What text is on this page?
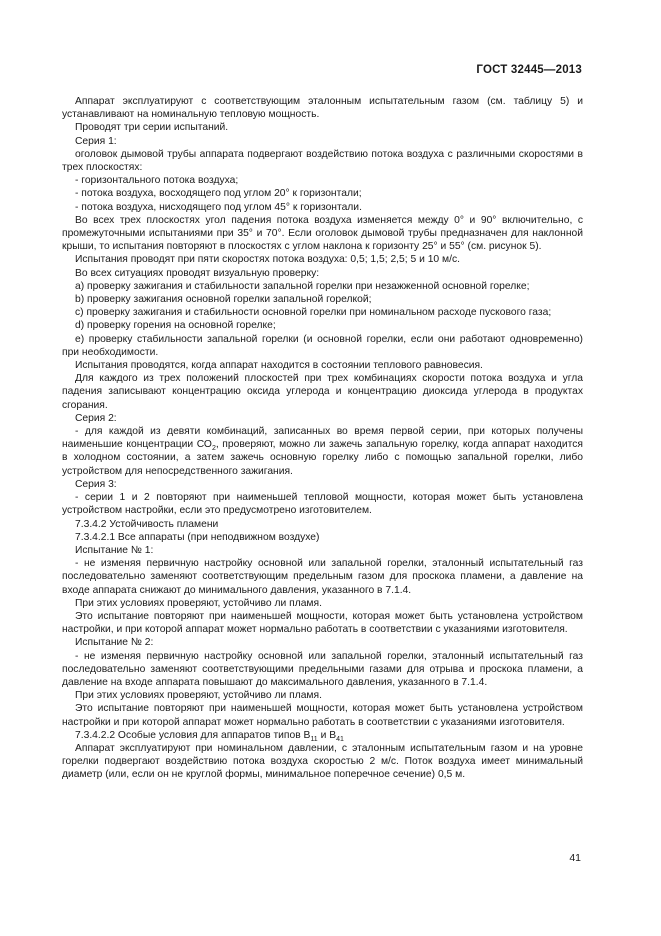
ГОСТ 32445—2013

Аппарат эксплуатируют с соответствующим эталонным испытательным газом (см. таблицу 5) и устанавливают на номинальную тепловую мощность.

Проводят три серии испытаний.

Серия 1:

оголовок дымовой трубы аппарата подвергают воздействию потока воздуха с различными скоростями в трех плоскостях:

- горизонтального потока воздуха;

- потока воздуха, восходящего под углом 20° к горизонтали;

- потока воздуха, нисходящего под углом 45° к горизонтали.

Во всех трех плоскостях угол падения потока воздуха изменяется между 0° и 90° включительно, с промежуточными испытаниями при 35° и 70°. Если оголовок дымовой трубы предназначен для наклонной крыши, то испытания повторяют в плоскостях с углом наклона к горизонту 25° и 55° (см. рисунок 5).

Испытания проводят при пяти скоростях потока воздуха: 0,5; 1,5; 2,5; 5 и 10 м/с.

Во всех ситуациях проводят визуальную проверку:

a) проверку зажигания и стабильности запальной горелки при незажженной основной горелке;

b) проверку зажигания основной горелки запальной горелкой;

c) проверку зажигания и стабильности основной горелки при номинальном расходе пускового газа;

d) проверку горения на основной горелке;

e) проверку стабильности запальной горелки (и основной горелки, если они работают одновременно) при необходимости.

Испытания проводятся, когда аппарат находится в состоянии теплового равновесия.

Для каждого из трех положений плоскостей при трех комбинациях скорости потока воздуха и угла падения записывают концентрацию оксида углерода и концентрацию диоксида углерода в продуктах сгорания.

Серия 2:

- для каждой из девяти комбинаций, записанных во время первой серии, при которых получены наименьшие концентрации $СО_2$, проверяют, можно ли зажечь запальную горелку, когда аппарат находится в холодном состоянии, а затем зажечь основную горелку либо с помощью запальной горелки, либо устройством для непосредственного зажигания.

Серия 3:

- серии 1 и 2 повторяют при наименьшей тепловой мощности, которая может быть установлена устройством настройки, если это предусмотрено изготовителем.

7.3.4.2 Устойчивость пламени

7.3.4.2.1 Все аппараты (при неподвижном воздухе)

Испытание № 1:

- не изменяя первичную настройку основной или запальной горелки, эталонный испытательный газ последовательно заменяют соответствующим предельным газом для проскока пламени, а давление на входе аппарата снижают до минимального давления, указанного в 7.1.4.

При этих условиях проверяют, устойчиво ли пламя.

Это испытание повторяют при наименьшей мощности, которая может быть установлена устройством настройки, и при которой аппарат может нормально работать в соответствии с указаниями изготовителя.

Испытание № 2:

- не изменяя первичную настройку основной или запальной горелки, эталонный испытательный газ последовательно заменяют соответствующими предельными газами для отрыва и проскока пламени, а давление на входе аппарата повышают до максимального давления, указанного в 7.1.4.

При этих условиях проверяют, устойчиво ли пламя.

Это испытание повторяют при наименьшей мощности, которая может быть установлена устройством настройки и при которой аппарат может нормально работать в соответствии с указаниями изготовителя.

7.3.4.2.2 Особые условия для аппаратов типов $В_{11}$ и $В_{41}$

Аппарат эксплуатируют при номинальном давлении, с эталонным испытательным газом и на уровне горелки подвергают воздействию потока воздуха скоростью 2 м/с. Поток воздуха имеет минимальный диаметр (или, если он не круглой формы, минимальное поперечное сечение) 0,5 м.

41
